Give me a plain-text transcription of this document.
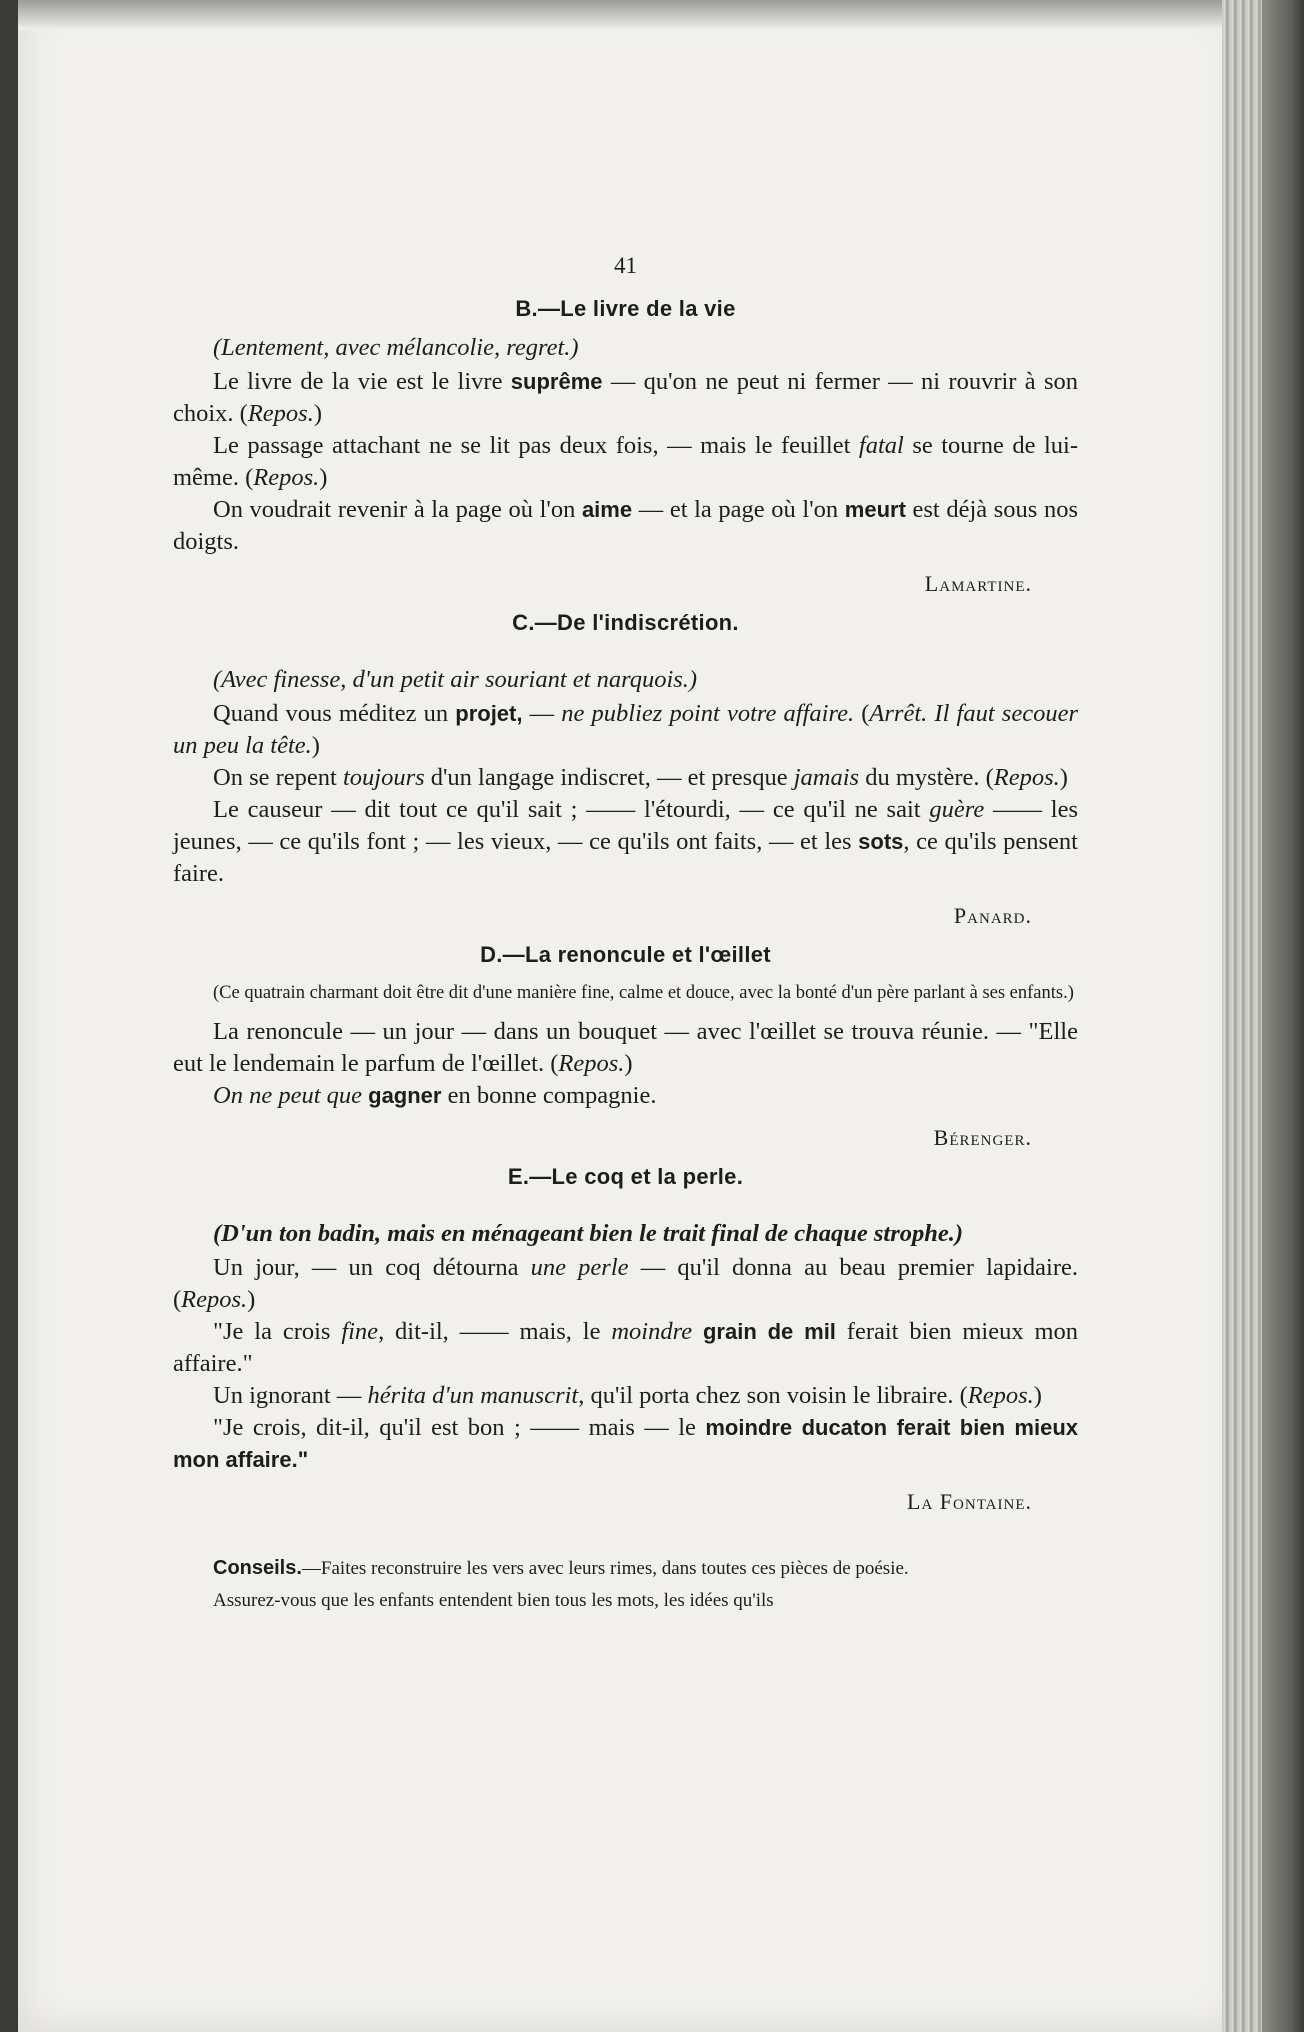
41
B.—Le livre de la vie

(Lentement, avec mélancolie, regret.)

Le livre de la vie est le livre suprême — qu'on ne peut ni fermer — ni rouvrir à son choix. (Repos.)

Le passage attachant ne se lit pas deux fois, — mais le feuillet fatal se tourne de lui-même. (Repos.)

On voudrait revenir à la page où l'on aime — et la page où l'on meurt est déjà sous nos doigts.

Lamartine.
C.—De l'indiscrétion.

(Avec finesse, d'un petit air souriant et narquois.)

Quand vous méditez un projet, — ne publiez point votre affaire. (Arrêt. Il faut secouer un peu la tête.)

On se repent toujours d'un langage indiscret, — et presque jamais du mystère. (Repos.)

Le causeur — dit tout ce qu'il sait ; —— l'étourdi, — ce qu'il ne sait guère —— les jeunes, — ce qu'ils font ; — les vieux, — ce qu'ils ont faits, — et les sots, ce qu'ils pensent faire.

Panard.
D.—La renoncule et l'œillet

(Ce quatrain charmant doit être dit d'une manière fine, calme et douce, avec la bonté d'un père parlant à ses enfants.)

La renoncule — un jour — dans un bouquet — avec l'œillet se trouva réunie. — "Elle eut le lendemain le parfum de l'œillet. (Repos.)

On ne peut que gagner en bonne compagnie.

Bérenger.
E.—Le coq et la perle.

(D'un ton badin, mais en ménageant bien le trait final de chaque strophe.)

Un jour, — un coq détourna une perle — qu'il donna au beau premier lapidaire. (Repos.)

"Je la crois fine, dit-il, —— mais, le moindre grain de mil ferait bien mieux mon affaire."

Un ignorant — hérita d'un manuscrit, qu'il porta chez son voisin le libraire. (Repos.)

"Je crois, dit-il, qu'il est bon ; —— mais — le moindre ducaton ferait bien mieux mon affaire."

La Fontaine.

Conseils.—Faites reconstruire les vers avec leurs rimes, dans toutes ces pièces de poésie.

Assurez-vous que les enfants entendent bien tous les mots, les idées qu'ils
